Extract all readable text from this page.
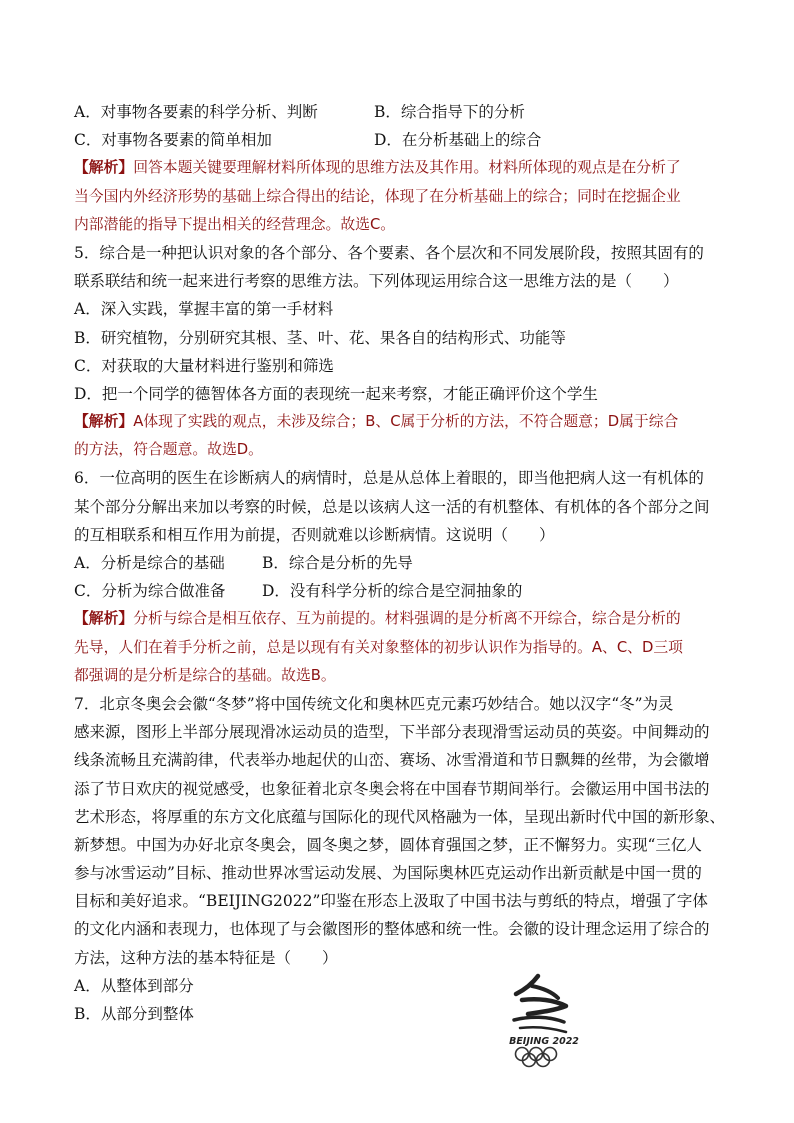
A．对事物各要素的科学分析、判断	B．综合指导下的分析
C．对事物各要素的简单相加	D．在分析基础上的综合
【解析】回答本题关键要理解材料所体现的思维方法及其作用。材料所体现的观点是在分析了
当今国内外经济形势的基础上综合得出的结论，体现了在分析基础上的综合；同时在挖掘企业
内部潜能的指导下提出相关的经营理念。故选C。
5．综合是一种把认识对象的各个部分、各个要素、各个层次和不同发展阶段，按照其固有的
联系联结和统一起来进行考察的思维方法。下列体现运用综合这一思维方法的是（　　）
A．深入实践，掌握丰富的第一手材料
B．研究植物，分别研究其根、茎、叶、花、果各自的结构形式、功能等
C．对获取的大量材料进行鉴别和筛选
D．把一个同学的德智体各方面的表现统一起来考察，才能正确评价这个学生
【解析】A体现了实践的观点，未涉及综合；B、C属于分析的方法，不符合题意；D属于综合
的方法，符合题意。故选D。
6．一位高明的医生在诊断病人的病情时，总是从总体上着眼的，即当他把病人这一有机体的
某个部分分解出来加以考察的时候，总是以该病人这一活的有机整体、有机体的各个部分之间
的互相联系和相互作用为前提，否则就难以诊断病情。这说明（　　）
A．分析是综合的基础	B．综合是分析的先导
C．分析为综合做准备	D．没有科学分析的综合是空洞抽象的
【解析】分析与综合是相互依存、互为前提的。材料强调的是分析离不开综合，综合是分析的
先导，人们在着手分析之前，总是以现有有关对象整体的初步认识作为指导的。A、C、D三项
都强调的是分析是综合的基础。故选B。
7．北京冬奥会会徽“冬梦”将中国传统文化和奥林匹克元素巧妙结合。她以汉字“冬”为灵
感来源，图形上半部分展现滑冰运动员的造型，下半部分表现滑雪运动员的英姿。中间舞动的
线条流畅且充满韵律，代表举办地起伏的山峦、赛场、冰雪滑道和节日飘舞的丝带，为会徽增
添了节日欢庆的视觉感受，也象征着北京冬奥会将在中国春节期间举行。会徽运用中国书法的
艺术形态，将厚重的东方文化底蕴与国际化的现代风格融为一体，呈现出新时代中国的新形象、
新梦想。中国为办好北京冬奥会，圆冬奥之梦，圆体育强国之梦，正不懈努力。实现“三亿人
参与冰雪运动”目标、推动世界冰雪运动发展、为国际奥林匹克运动作出新贡献是中国一贯的
目标和美好追求。“BEIJING2022”印鉴在形态上汲取了中国书法与剪纸的特点，增强了字体
的文化内涵和表现力，也体现了与会徽图形的整体感和统一性。会徽的设计理念运用了综合的
方法，这种方法的基本特征是（　　）
A．从整体到部分
B．从部分到整体
BEIJING 2022
